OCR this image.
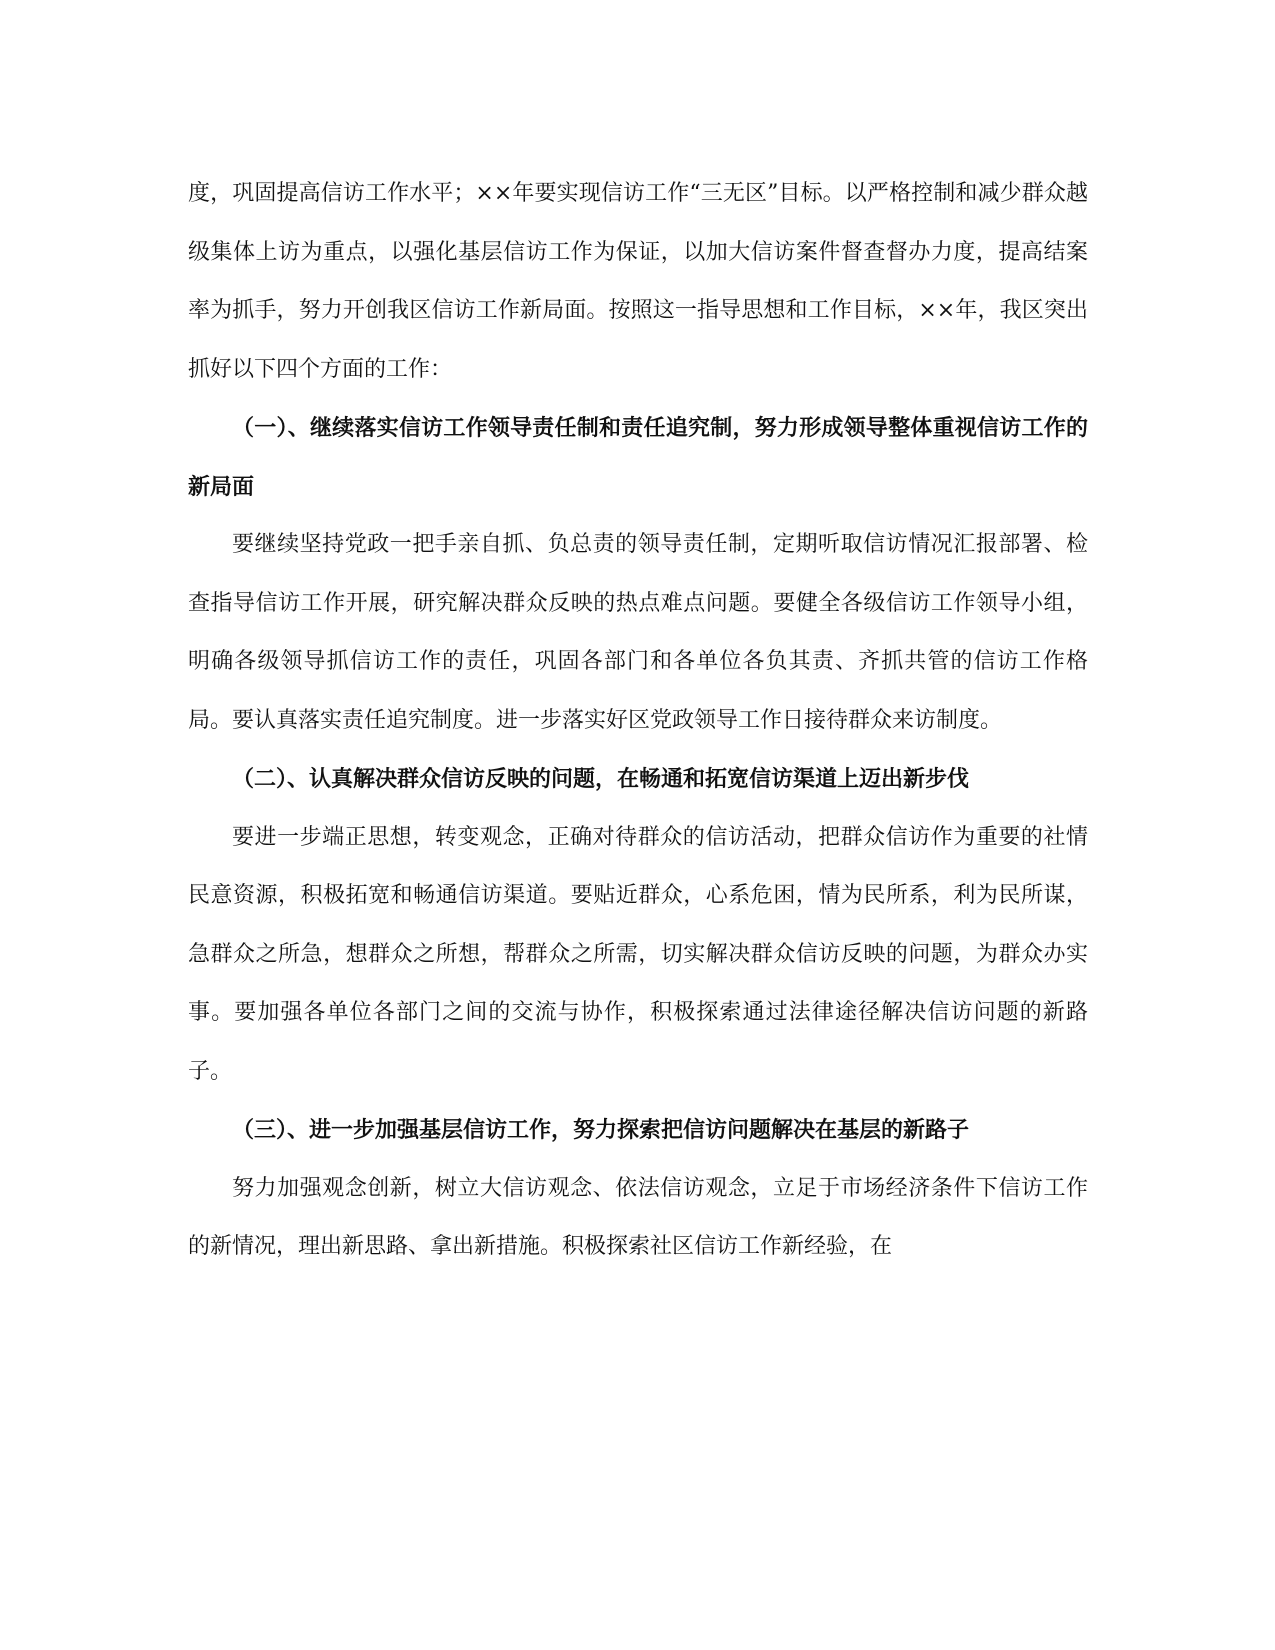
度，巩固提高信访工作水平；××年要实现信访工作“三无区”目标。以严格控制和减少群众越级集体上访为重点，以强化基层信访工作为保证，以加大信访案件督查督办力度，提高结案率为抓手，努力开创我区信访工作新局面。按照这一指导思想和工作目标，××年，我区突出抓好以下四个方面的工作：

（一）、继续落实信访工作领导责任制和责任追究制，努力形成领导整体重视信访工作的新局面

要继续坚持党政一把手亲自抓、负总责的领导责任制，定期听取信访情况汇报部署、检查指导信访工作开展，研究解决群众反映的热点难点问题。要健全各级信访工作领导小组，明确各级领导抓信访工作的责任，巩固各部门和各单位各负其责、齐抓共管的信访工作格局。要认真落实责任追究制度。进一步落实好区党政领导工作日接待群众来访制度。

（二）、认真解决群众信访反映的问题，在畅通和拓宽信访渠道上迈出新步伐

要进一步端正思想，转变观念，正确对待群众的信访活动，把群众信访作为重要的社情民意资源，积极拓宽和畅通信访渠道。要贴近群众，心系危困，情为民所系，利为民所谋，急群众之所急，想群众之所想，帮群众之所需，切实解决群众信访反映的问题，为群众办实事。要加强各单位各部门之间的交流与协作，积极探索通过法律途径解决信访问题的新路子。

（三）、进一步加强基层信访工作，努力探索把信访问题解决在基层的新路子

努力加强观念创新，树立大信访观念、依法信访观念，立足于市场经济条件下信访工作的新情况，理出新思路、拿出新措施。积极探索社区信访工作新经验，在
